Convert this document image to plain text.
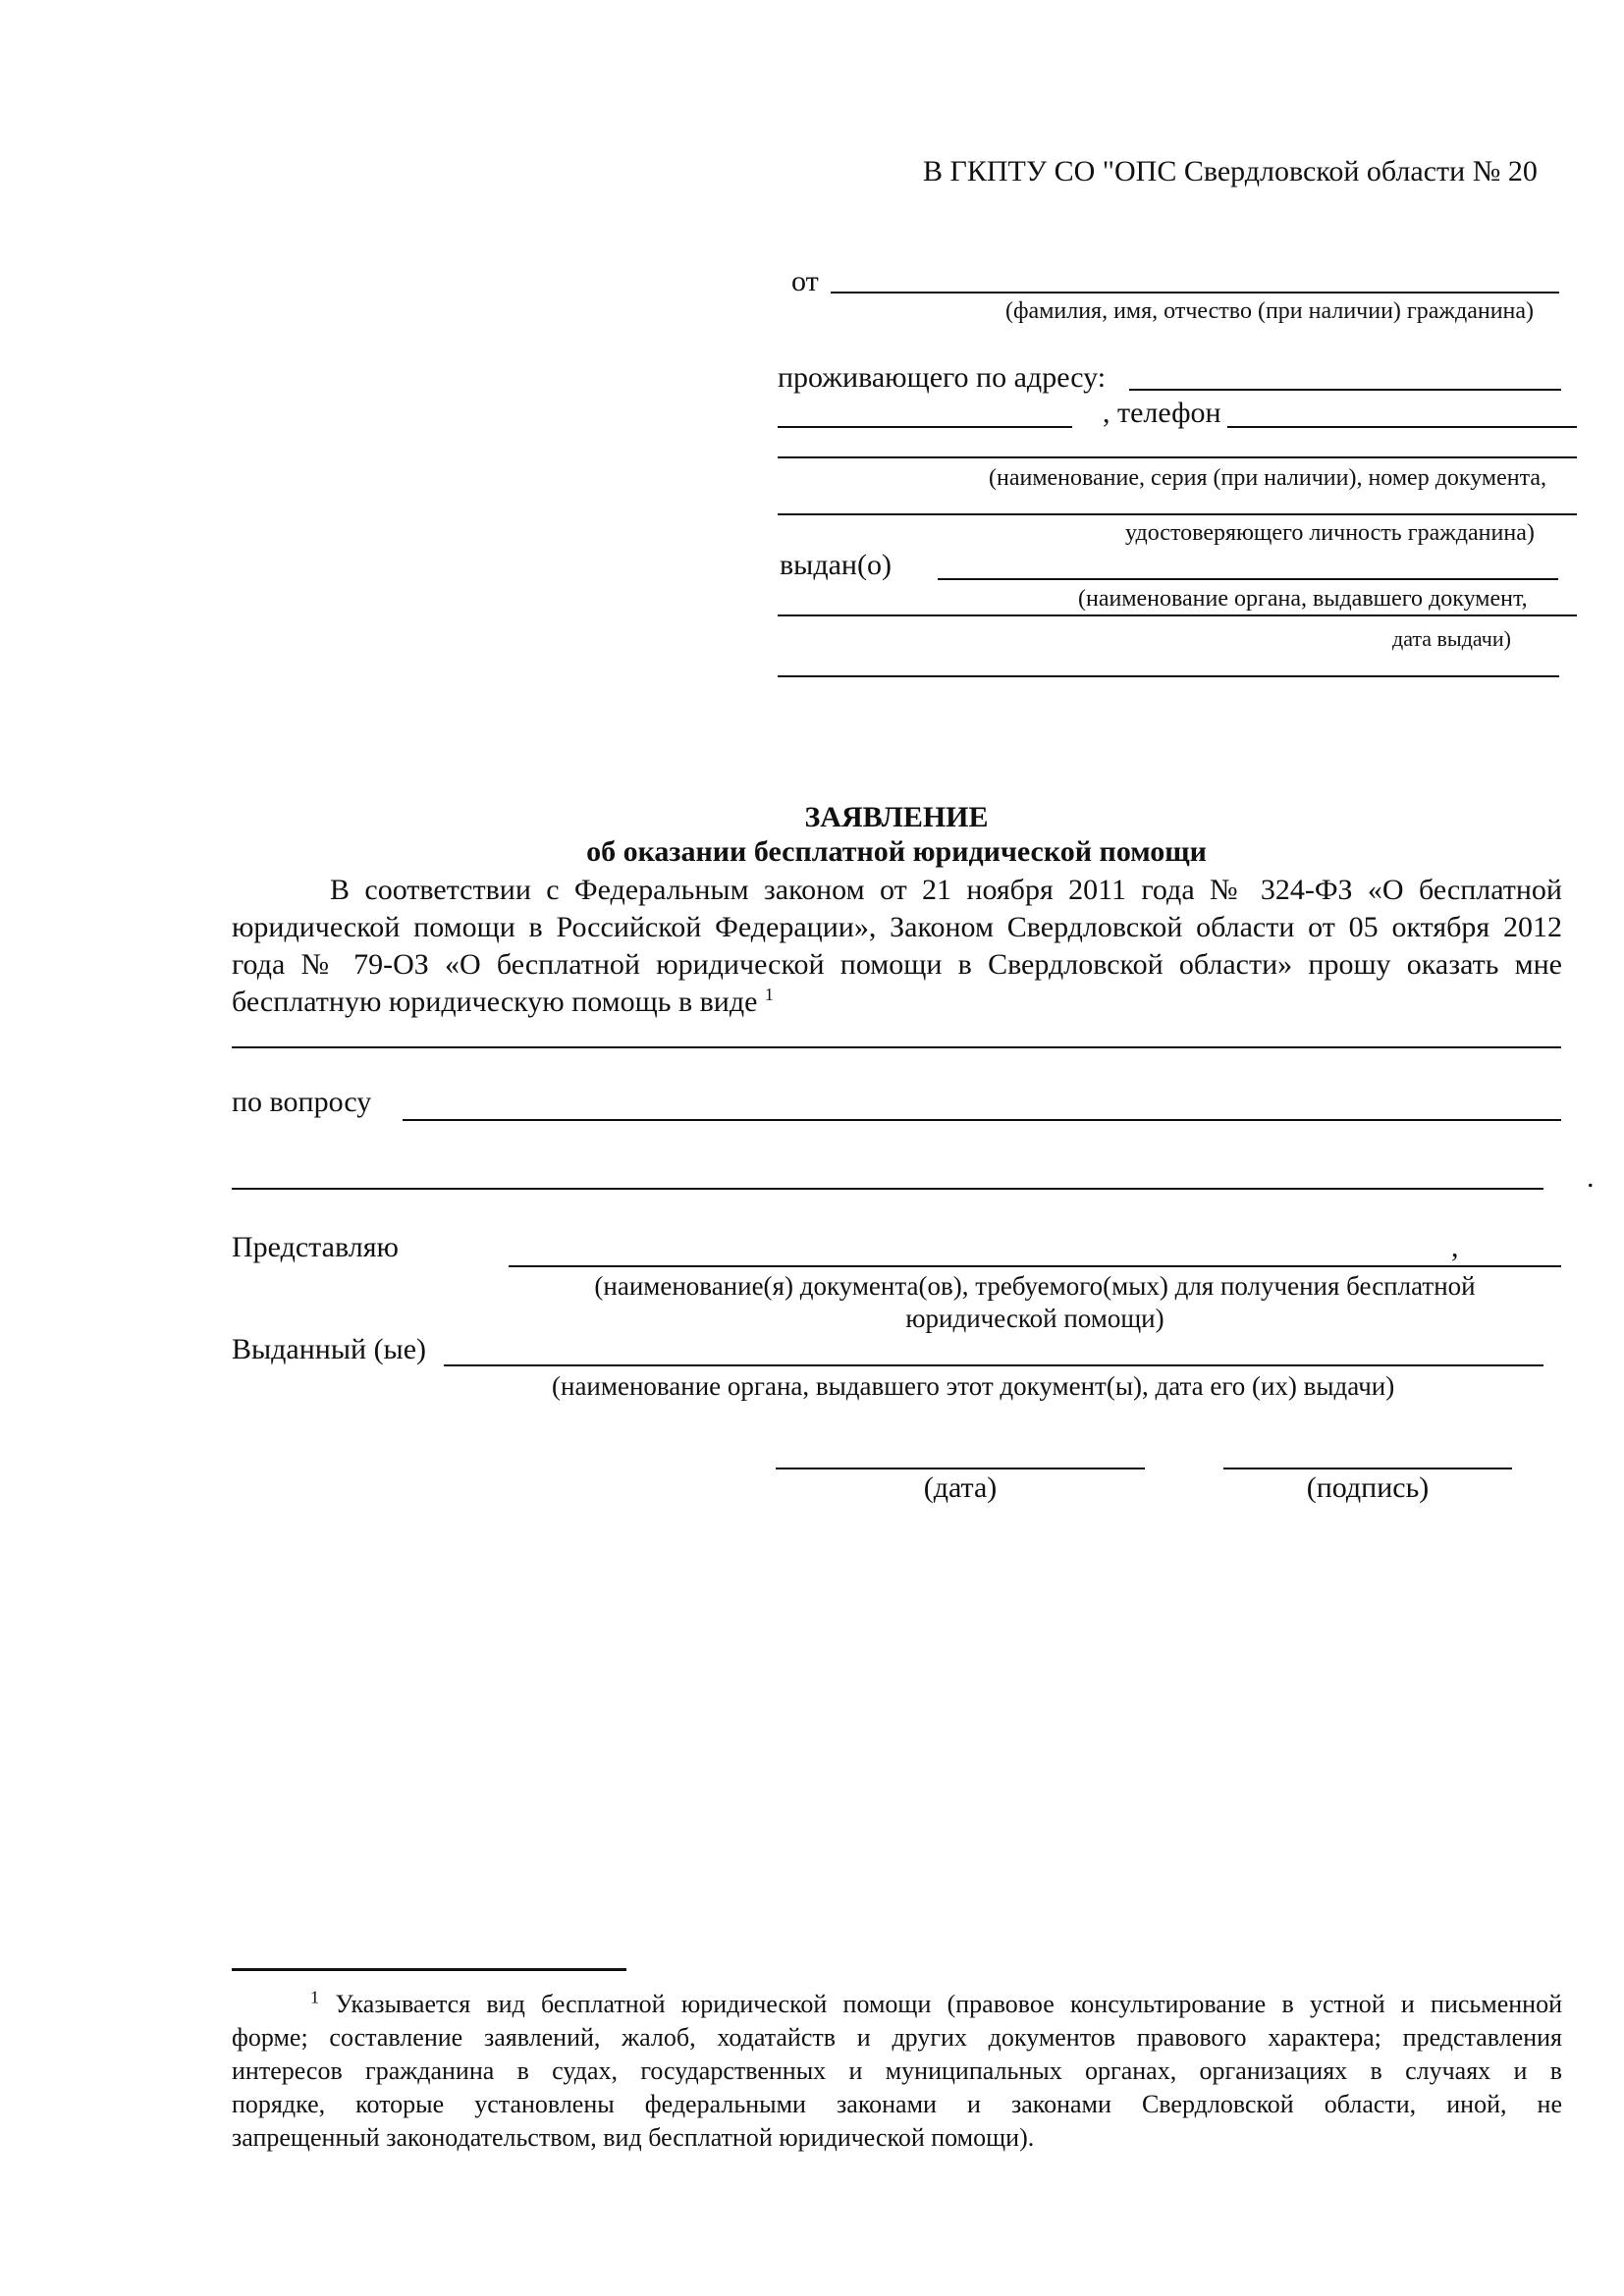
В ГКПТУ СО "ОПС Свердловской области № 20
от
(фамилия, имя, отчество (при наличии) гражданина)
проживающего по адресу:
, телефон
(наименование, серия (при наличии), номер документа,
удостоверяющего личность гражданина)
выдан(о)
(наименование органа, выдавшего документ,
дата выдачи)
ЗАЯВЛЕНИЕ
об оказании бесплатной юридической помощи
В соответствии с Федеральным законом от 21 ноября 2011 года № 324-ФЗ «О бесплатной
юридической помощи в Российской Федерации», Законом Свердловской области от 05 октября 2012
года № 79-ОЗ «О бесплатной юридической помощи в Свердловской области» прошу оказать мне
бесплатную юридическую помощь в виде $^1$
по вопросу
.
Представляю	,
(наименование(я) документа(ов), требуемого(мых) для получения бесплатной
юридической помощи)
Выданный (ые)
(наименование органа, выдавшего этот документ(ы), дата его (их) выдачи)
(дата)	(подпись)
$^1$ Указывается вид бесплатной юридической помощи (правовое консультирование в устной и письменной
форме; составление заявлений, жалоб, ходатайств и других документов правового характера; представления
интересов гражданина в судах, государственных и муниципальных органах, организациях в случаях и в
порядке, которые установлены федеральными законами и законами Свердловской области, иной, не
запрещенный законодательством, вид бесплатной юридической помощи).
